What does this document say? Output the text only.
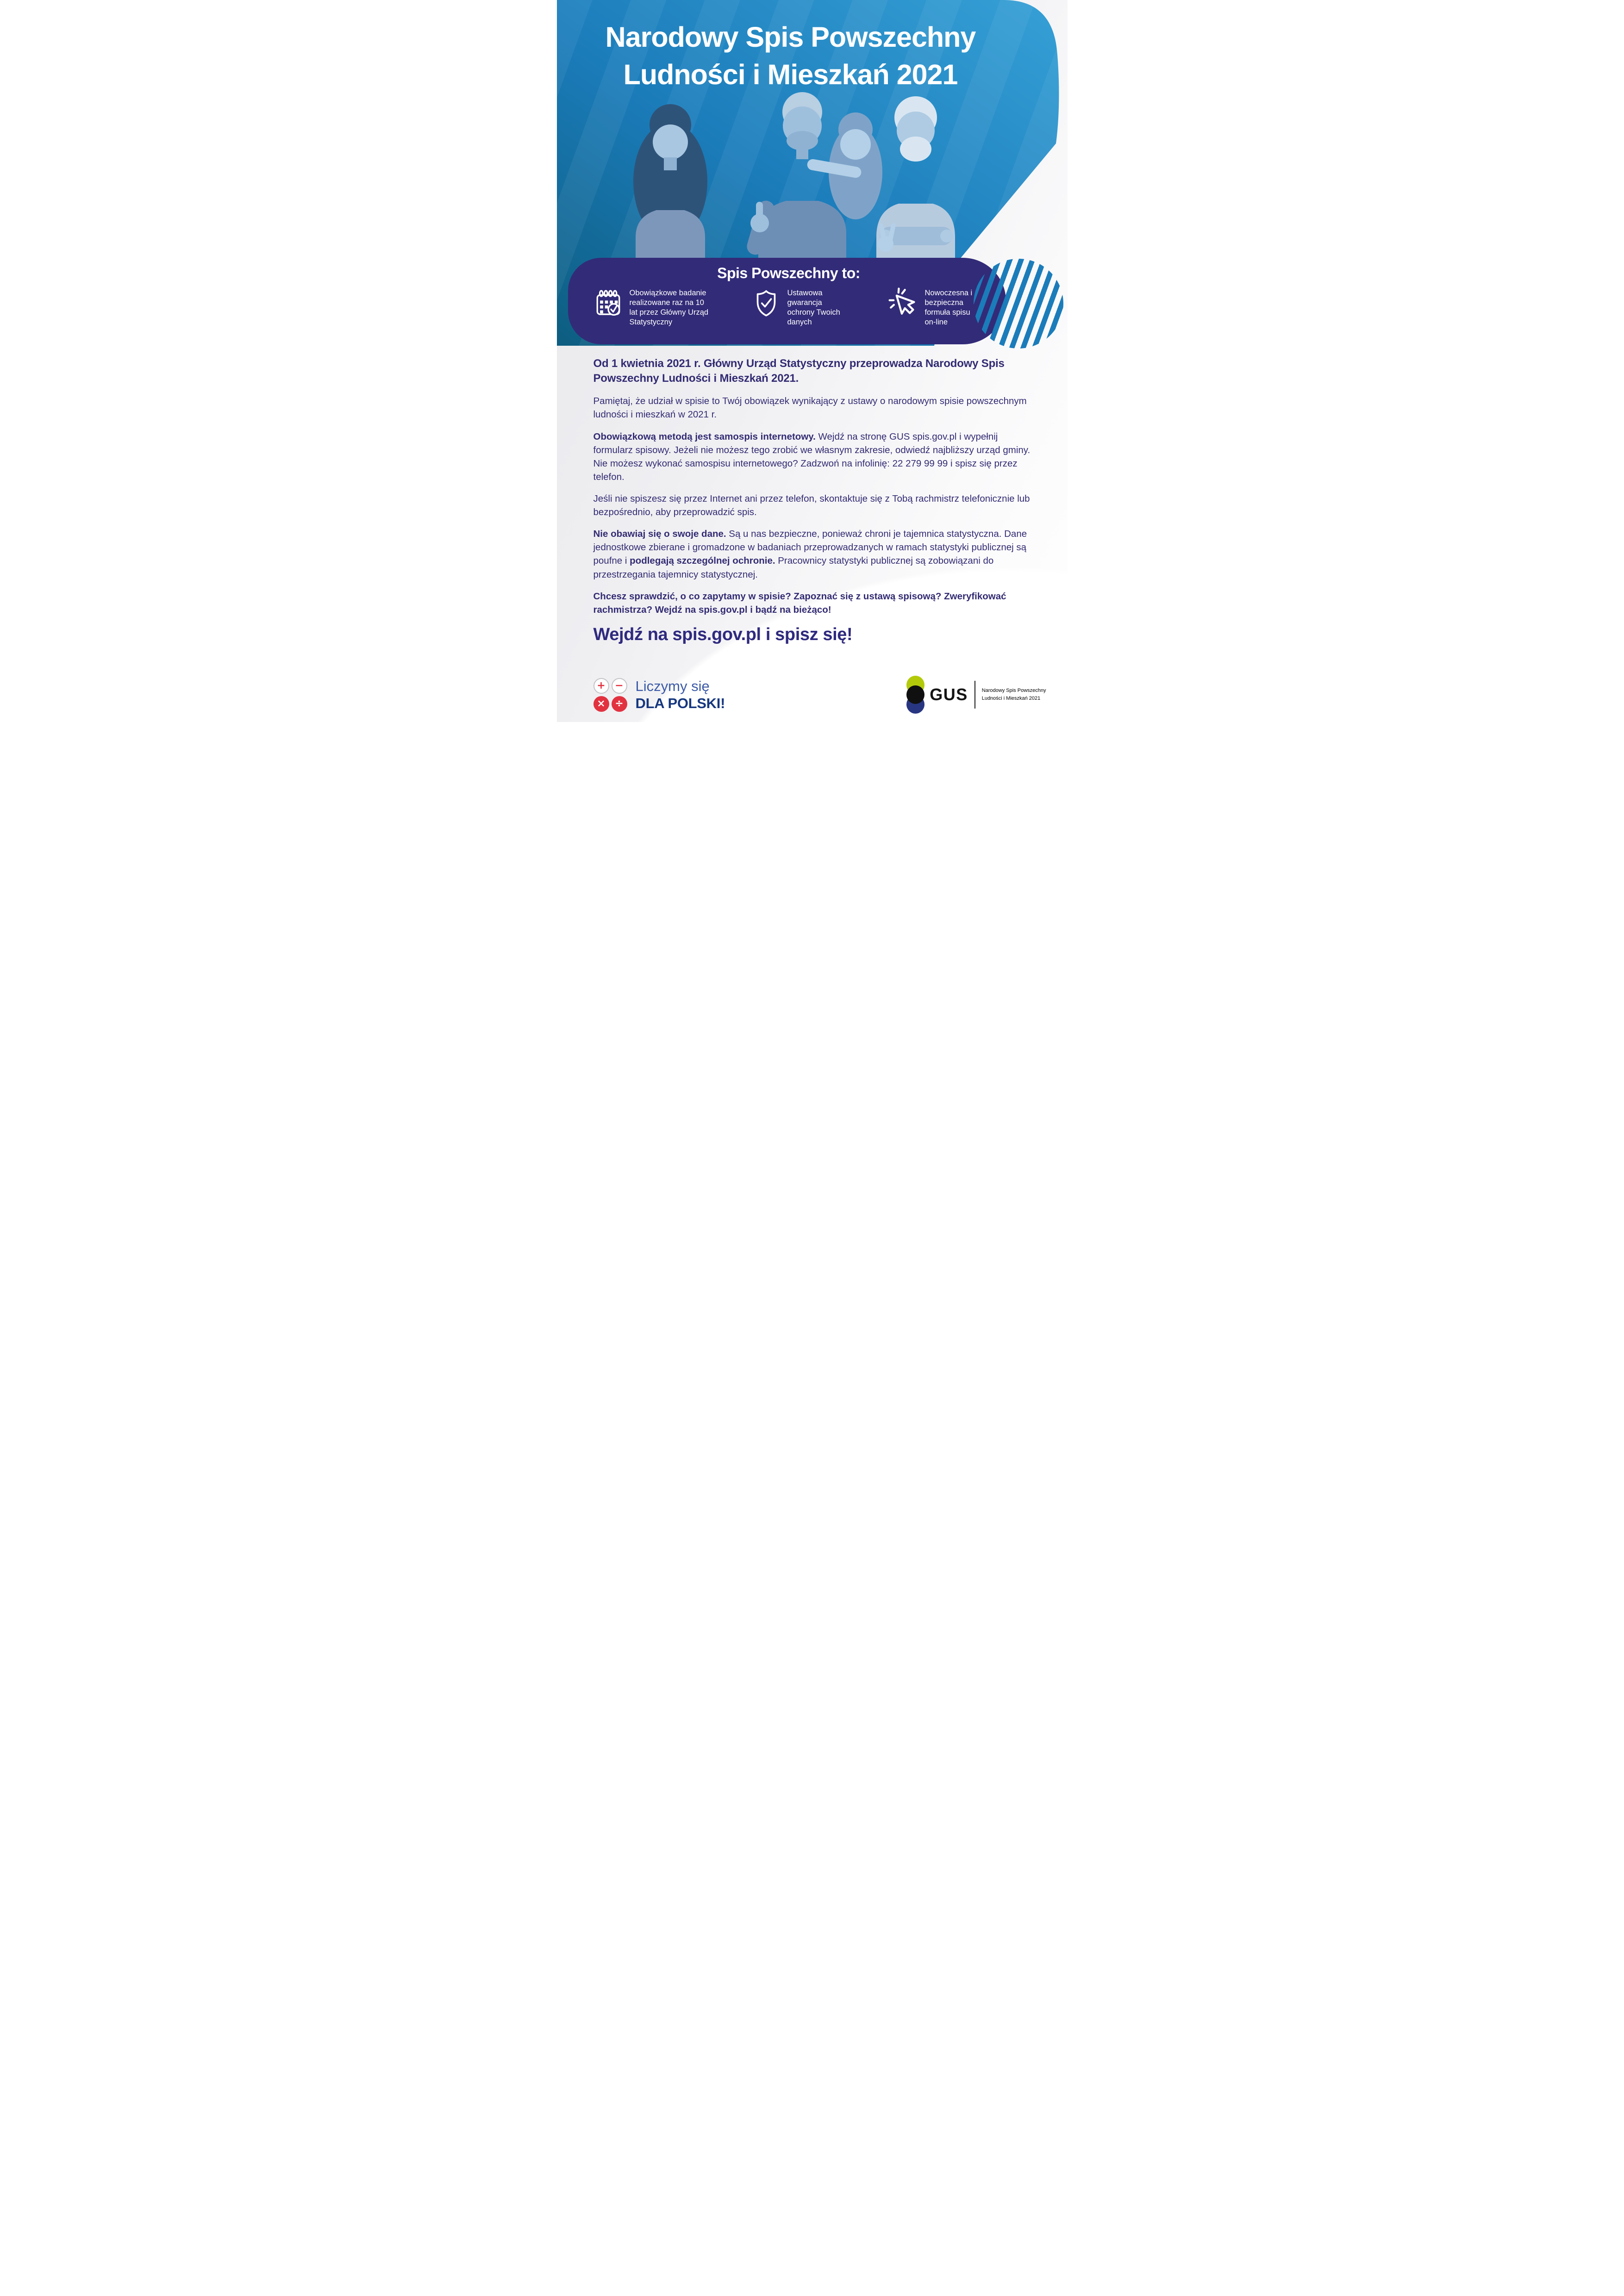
Narodowy Spis Powszechny
Ludności i Mieszkań 2021
Spis Powszechny to:
Obowiązkowe badanie realizowane raz na 10 lat przez Główny Urząd Statystyczny
Ustawowa gwarancja ochrony Twoich danych
Nowoczesna i bezpieczna formuła spisu on-line
Od 1 kwietnia 2021 r. Główny Urząd Statystyczny przeprowadza Narodowy Spis Powszechny Ludności i Mieszkań 2021.

Pamiętaj, że udział w spisie to Twój obowiązek wynikający z ustawy o narodowym spisie powszechnym ludności i mieszkań w 2021 r.

Obowiązkową metodą jest samospis internetowy. Wejdź na stronę GUS spis.gov.pl i wypełnij formularz spisowy. Jeżeli nie możesz tego zrobić we własnym zakresie, odwiedź najbliższy urząd gminy. Nie możesz wykonać samospisu internetowego? Zadzwoń na infolinię: 22 279 99 99 i spisz się przez telefon.

Jeśli nie spiszesz się przez Internet ani przez telefon, skontaktuje się z Tobą rachmistrz telefonicznie lub bezpośrednio, aby przeprowadzić spis.

Nie obawiaj się o swoje dane. Są u nas bezpieczne, ponieważ chroni je tajemnica statystyczna. Dane jednostkowe zbierane i gromadzone w badaniach przeprowadzanych w ramach statystyki publicznej są poufne i podlegają szczególnej ochronie. Pracownicy statystyki publicznej są zobowiązani do przestrzegania tajemnicy statystycznej.

Chcesz sprawdzić, o co zapytamy w spisie? Zapoznać się z ustawą spisową? Zweryfikować rachmistrza? Wejdź na spis.gov.pl i bądź na bieżąco!

Wejdź na spis.gov.pl i spisz się!
+ −
× ÷
Liczymy się
DLA POLSKI!	GUS	Narodowy Spis Powszechny
Ludności i Mieszkań 2021
